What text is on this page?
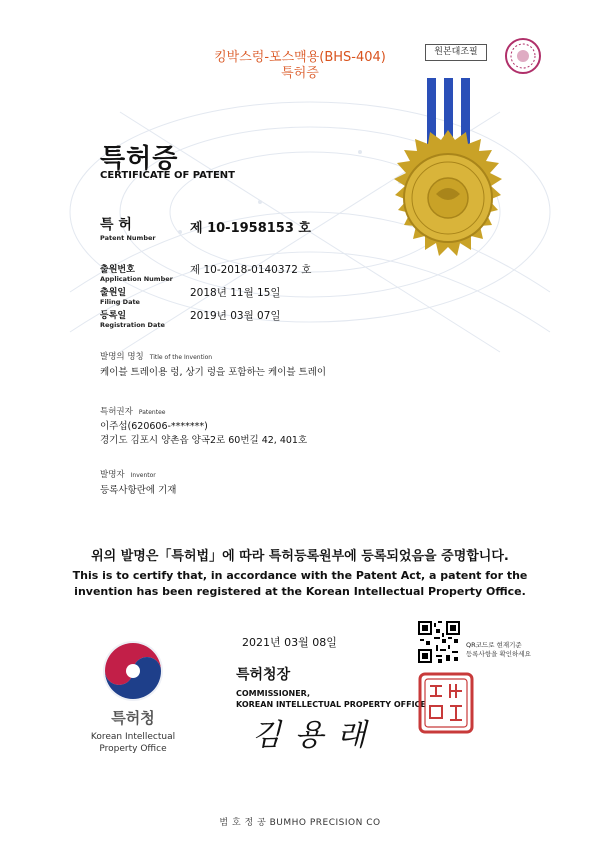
킹박스렁-포스맥용(BHS-404)
특허증
원본대조필
특허증
CERTIFICATE OF PATENT
특 허
Patent Number
제 10-1958153 호
출원번호
Application Number
제 10-2018-0140372 호
출원일
Filing Date
2018년 11월 15일
등록일
Registration Date
2019년 03월 07일
발명의 명칭 Title of the Invention
케이블 트레이용 렁, 상기 렁을 포함하는 케이블 트레이
특허권자 Patentee
이주섭(620606-*******)
경기도 김포시 양촌읍 양곡2로 60번길 42, 401호
발명자 Inventor
등록사항란에 기재
위의 발명은「특허법」에 따라 특허등록원부에 등록되었음을 증명합니다.
This is to certify that, in accordance with the Patent Act, a patent for the
invention has been registered at the Korean Intellectual Property Office.
2021년 03월 08일	QR코드로 현재기준
등록사항을 확인하세요
특허청장
COMMISSIONER,
KOREAN INTELLECTUAL PROPERTY OFFICE
김 용 래
특허청
Korean Intellectual
Property Office
범 호 정 공 BUMHO PRECISION CO
